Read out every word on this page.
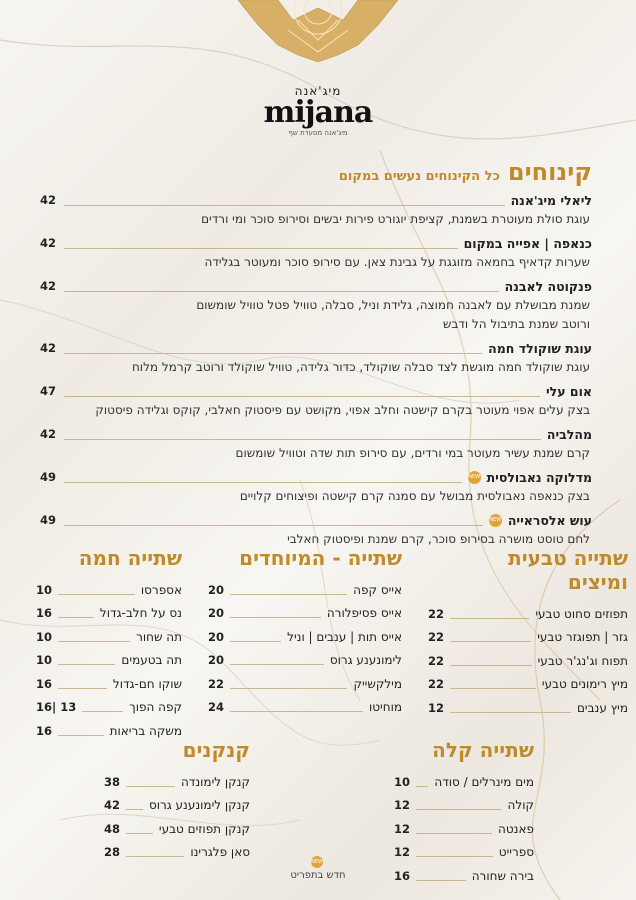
מיג'אנה
mijana
מיג'אנה מסעדת שף
קינוחים
כל הקינוחים נעשים במקום
ליאלי מיג'אנה
42
עוגת סולת מעוטרת בשמנת, קציפת יוגורט פירות יבשים וסירופ סוכר ומי ורדים
כנאפה | אפייה במקום
42
שערות קדאיף בחמאה מזוגגת על גבינת צאן. עם סירופ סוכר ומעוטר בגלידה
פנקוטה לאבנה
42
שמנת מבושלת עם לאבנה חמוצה, גלידת וניל, סבלה, טוויל פטל טוויל שומשום
ורוטב שמנת בתיבול הל ודבש
עוגת שוקולד חמה
42
עוגת שוקולד חמה מוגשת לצד סבלה שוקולד, כדור גלידה, טוויל שוקולד ורוטב קרמל מלוח
אום עלי
47
בצק עלים אפוי מעוטר בקרם קישטה וחלב אפוי, מקושט עם פיסטוק חאלבי, קוקס וגלידה פיסטוק
מהלביה
42
קרם שמנת עשיר מעוטר במי ורדים, עם סירופ תות שדה וטוויל שומשום
מדלוקה נאבולסית
NEW
49
בצק כנאפה נאבולסית מבושל עם סמנה קרם קישטה ופיצוחים קלויים
עוש אלסראייה
NEW
49
לחם טוסט מושרה בסירופ סוכר, קרם שמנת ופיסטוק חאלבי
שתייה טבעית
ומיצים
תפוזים סחוט טבעי
22
גזר | תפוגזר טבעי
22
תפוח וג'נג'ר טבעי
22
מיץ רימונים טבעי
22
מיץ ענבים
12
שתייה - המיוחדים
אייס קפה
20
אייס פסיפלורה
20
אייס תות | ענבים | וניל
20
לימונענע גרוס
20
מילקשייק
22
מוחיטו
24
שתייה חמה
אספרסו
10
נס על חלב-גדול
16
תה שחור
10
תה בטעמים
10
שוקו חם-גדול
16
קפה הפוך
16| 13
משקה בריאות
16
שתייה קלה
מים מינרלים / סודה
10
קולה
12
פאנטה
12
ספרייט
12
בירה שחורה
16
קנקנים
קנקן לימונדה
38
קנקן לימונענע גרוס
42
קנקן תפוזים טבעי
48
סאן פלגרינו
28
NEW
חדש בתפריט
